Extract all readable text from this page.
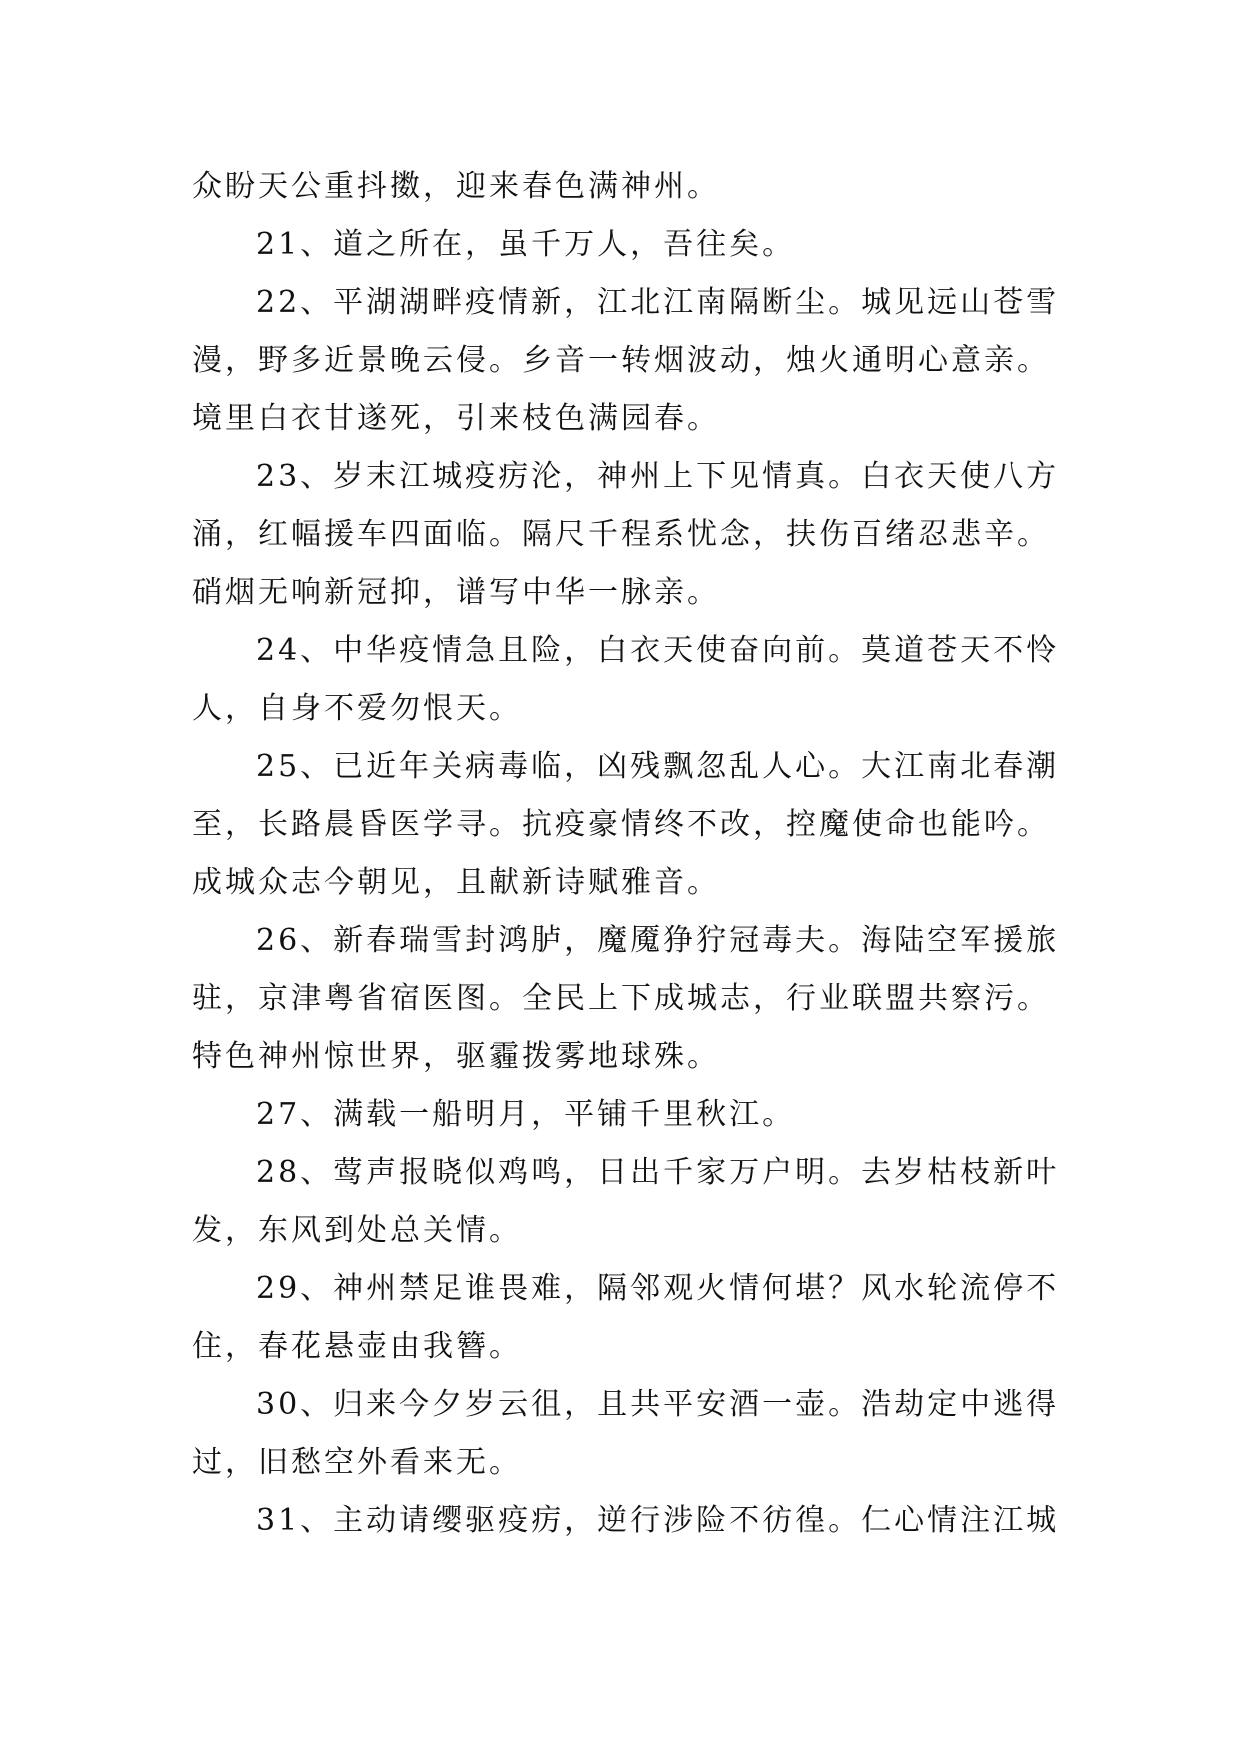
众盼天公重抖擞，迎来春色满神州。
21、道之所在，虽千万人，吾往矣。
22、平湖湖畔疫情新，江北江南隔断尘。城见远山苍雪
漫，野多近景晚云侵。乡音一转烟波动，烛火通明心意亲。
境里白衣甘遂死，引来枝色满园春。
23、岁末江城疫疠沦，神州上下见情真。白衣天使八方
涌，红幅援车四面临。隔尺千程系忧念，扶伤百绪忍悲辛。
硝烟无响新冠抑，谱写中华一脉亲。
24、中华疫情急且险，白衣天使奋向前。莫道苍天不怜
人，自身不爱勿恨天。
25、已近年关病毒临，凶残飘忽乱人心。大江南北春潮
至，长路晨昏医学寻。抗疫豪情终不改，控魔使命也能吟。
成城众志今朝见，且献新诗赋雅音。
26、新春瑞雪封鸿胪，魔魇狰狞冠毒夫。海陆空军援旅
驻，京津粤省宿医图。全民上下成城志，行业联盟共察污。
特色神州惊世界，驱霾拨雾地球殊。
27、满载一船明月，平铺千里秋江。
28、莺声报晓似鸡鸣，日出千家万户明。去岁枯枝新叶
发，东风到处总关情。
29、神州禁足谁畏难，隔邻观火情何堪？风水轮流停不
住，春花悬壶由我簪。
30、归来今夕岁云徂，且共平安酒一壶。浩劫定中逃得
过，旧愁空外看来无。
31、主动请缨驱疫疠，逆行涉险不彷徨。仁心情注江城
